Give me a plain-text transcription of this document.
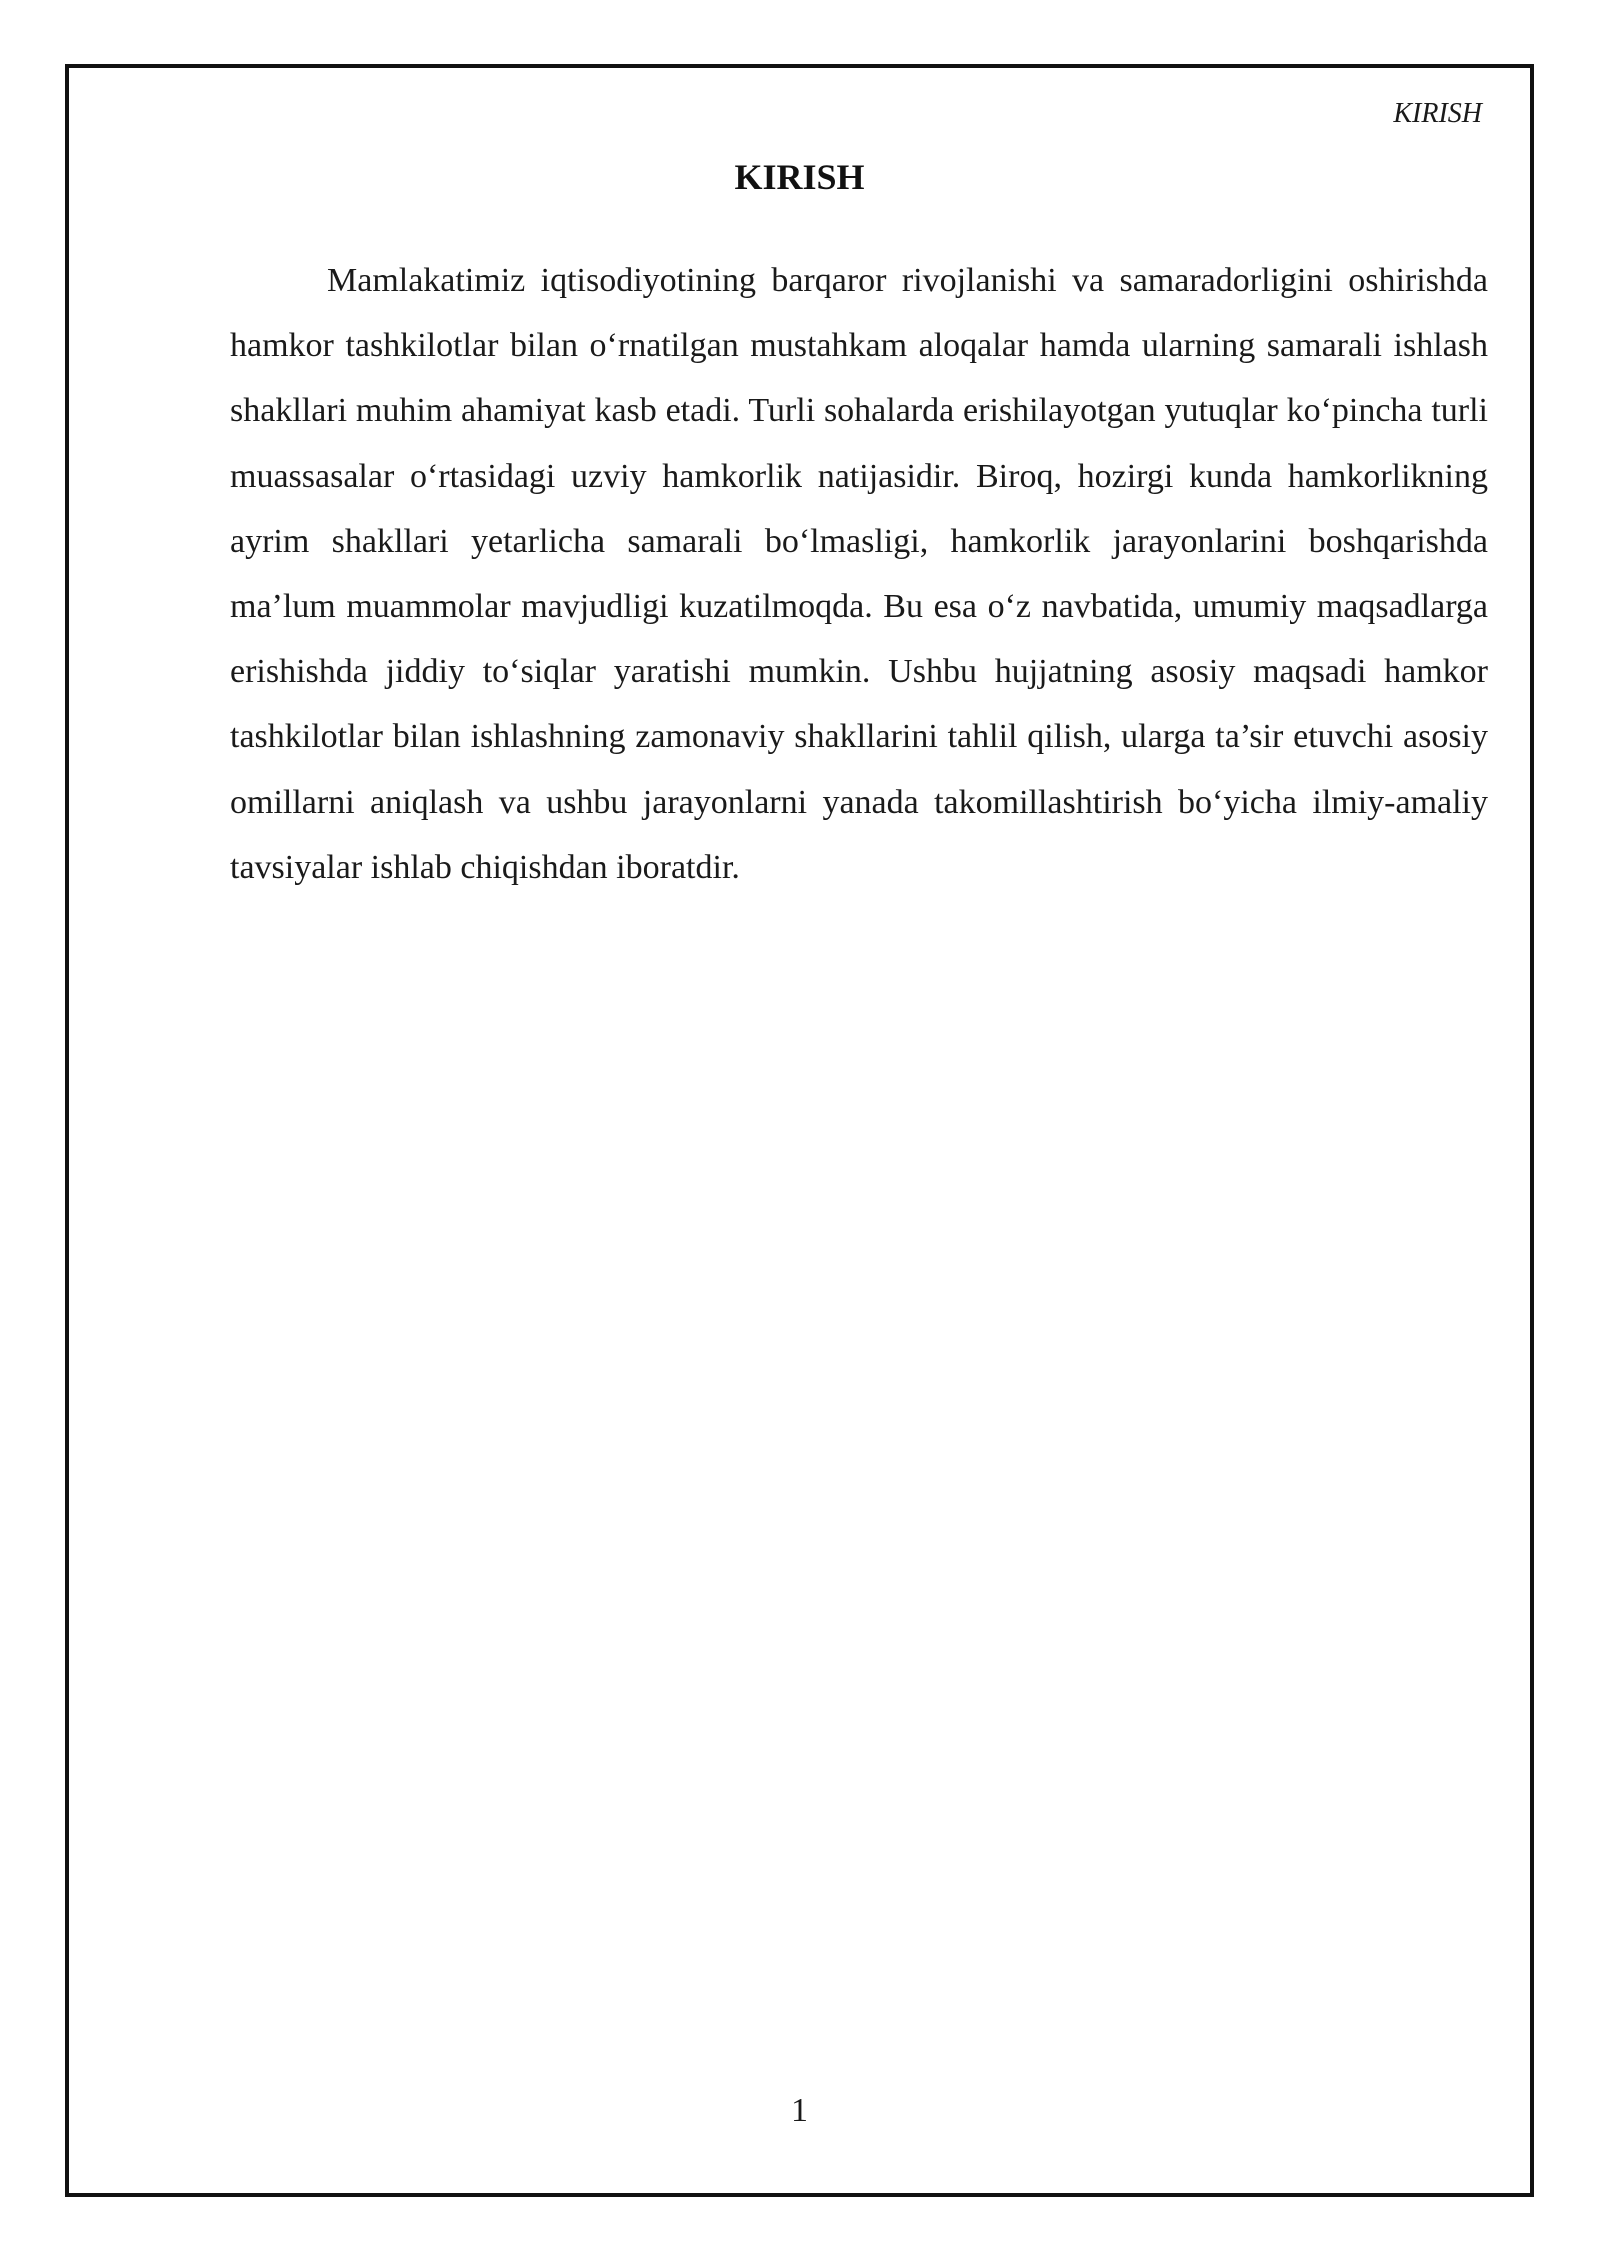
KIRISH
KIRISH

Mamlakatimiz iqtisodiyotining barqaror rivojlanishi va samaradorligini oshirishda hamkor tashkilotlar bilan o‘rnatilgan mustahkam aloqalar hamda ularning samarali ishlash shakllari muhim ahamiyat kasb etadi. Turli sohalarda erishilayotgan yutuqlar ko‘pincha turli muassasalar o‘rtasidagi uzviy hamkorlik natijasidir. Biroq, hozirgi kunda hamkorlikning ayrim shakllari yetarlicha samarali bo‘lmasligi, hamkorlik jarayonlarini boshqarishda ma’lum muammolar mavjudligi kuzatilmoqda. Bu esa o‘z navbatida, umumiy maqsadlarga erishishda jiddiy to‘siqlar yaratishi mumkin. Ushbu hujjatning asosiy maqsadi hamkor tashkilotlar bilan ishlashning zamonaviy shakllarini tahlil qilish, ularga ta’sir etuvchi asosiy omillarni aniqlash va ushbu jarayonlarni yanada takomillashtirish bo‘yicha ilmiy-amaliy tavsiyalar ishlab chiqishdan iboratdir.

1
